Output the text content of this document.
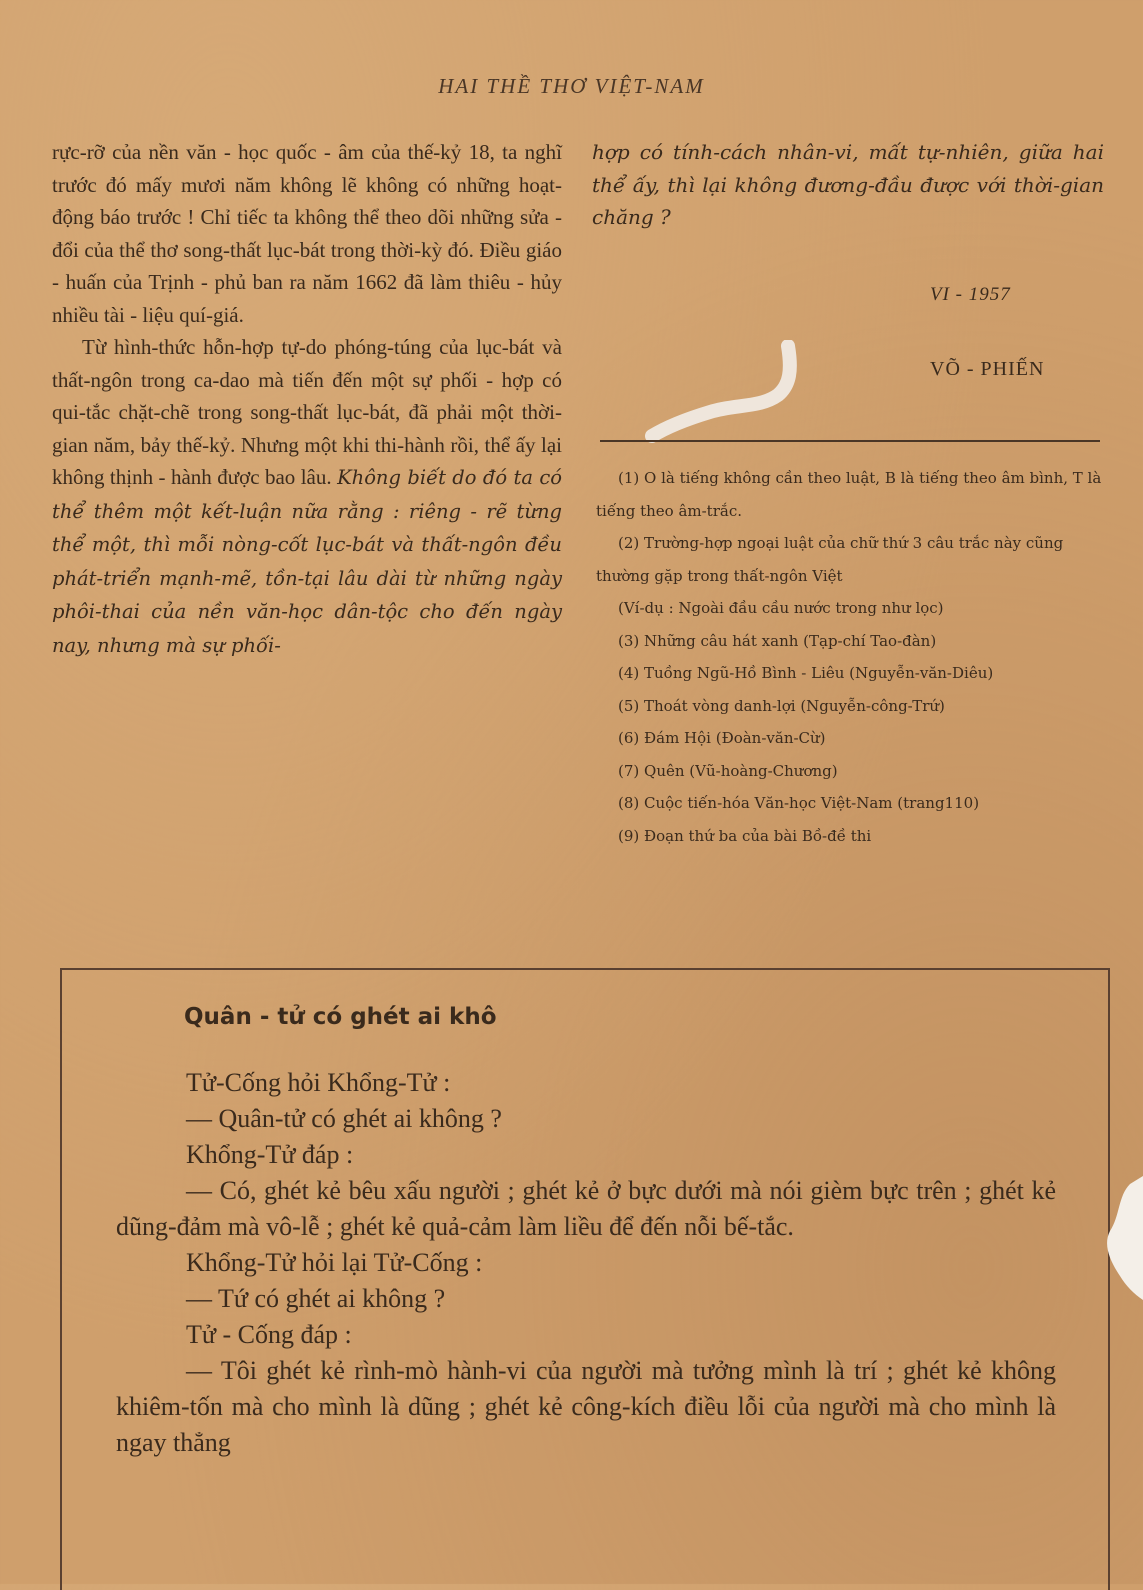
HAI THỀ THƠ VIỆT-NAM

rực-rỡ của nền văn - học quốc - âm của thế-kỷ 18, ta nghĩ trước đó mấy mươi năm không lẽ không có những hoạt-động báo trước ! Chỉ tiếc ta không thể theo dõi những sửa - đổi của thể thơ song-thất lục-bát trong thời-kỳ đó. Điều giáo - huấn của Trịnh - phủ ban ra năm 1662 đã làm thiêu - hủy nhiều tài - liệu quí-giá.

Từ hình-thức hỗn-hợp tự-do phóng-túng của lục-bát và thất-ngôn trong ca-dao mà tiến đến một sự phối - hợp có qui-tắc chặt-chẽ trong song-thất lục-bát, đã phải một thời-gian năm, bảy thế-kỷ. Nhưng một khi thi-hành rồi, thể ấy lại không thịnh - hành được bao lâu. Không biết do đó ta có thể thêm một kết-luận nữa rằng : riêng - rẽ từng thể một, thì mỗi nòng-cốt lục-bát và thất-ngôn đều phát-triển mạnh-mẽ, tồn-tại lâu dài từ những ngày phôi-thai của nền văn-học dân-tộc cho đến ngày nay, nhưng mà sự phối-

hợp có tính-cách nhân-vi, mất tự-nhiên, giữa hai thể ấy, thì lại không đương-đầu được với thời-gian chăng ?
VI - 1957
VÕ - PHIẾN

(1) O là tiếng không cần theo luật, B là tiếng theo âm bình, T là tiếng theo âm-trắc.

(2) Trường-hợp ngoại luật của chữ thứ 3 câu trắc này cũng thường gặp trong thất-ngôn Việt

(Ví-dụ : Ngoài đầu cầu nước trong như lọc)

(3) Những câu hát xanh (Tạp-chí Tao-đàn)

(4) Tuồng Ngũ-Hồ Bình - Liêu (Nguyễn-văn-Diêu)

(5) Thoát vòng danh-lợi (Nguyễn-công-Trứ)

(6) Đám Hội (Đoàn-văn-Cừ)

(7) Quên (Vũ-hoàng-Chương)

(8) Cuộc tiến-hóa Văn-học Việt-Nam (trang110)

(9) Đoạn thứ ba của bài Bồ-đề thi

Quân - tử có ghét ai khô

Tử-Cống hỏi Khổng-Tử :

— Quân-tử có ghét ai không ?

Khổng-Tử đáp :

— Có, ghét kẻ bêu xấu người ; ghét kẻ ở bực dưới mà nói gièm bực trên ; ghét kẻ dũng-đảm mà vô-lễ ; ghét kẻ quả-cảm làm liều để đến nỗi bế-tắc.

Khổng-Tử hỏi lại Tử-Cống :

— Tứ có ghét ai không ?

Tử - Cống đáp :

— Tôi ghét kẻ rình-mò hành-vi của người mà tưởng mình là trí ; ghét kẻ không khiêm-tốn mà cho mình là dũng ; ghét kẻ công-kích điều lỗi của người mà cho mình là ngay thẳng
